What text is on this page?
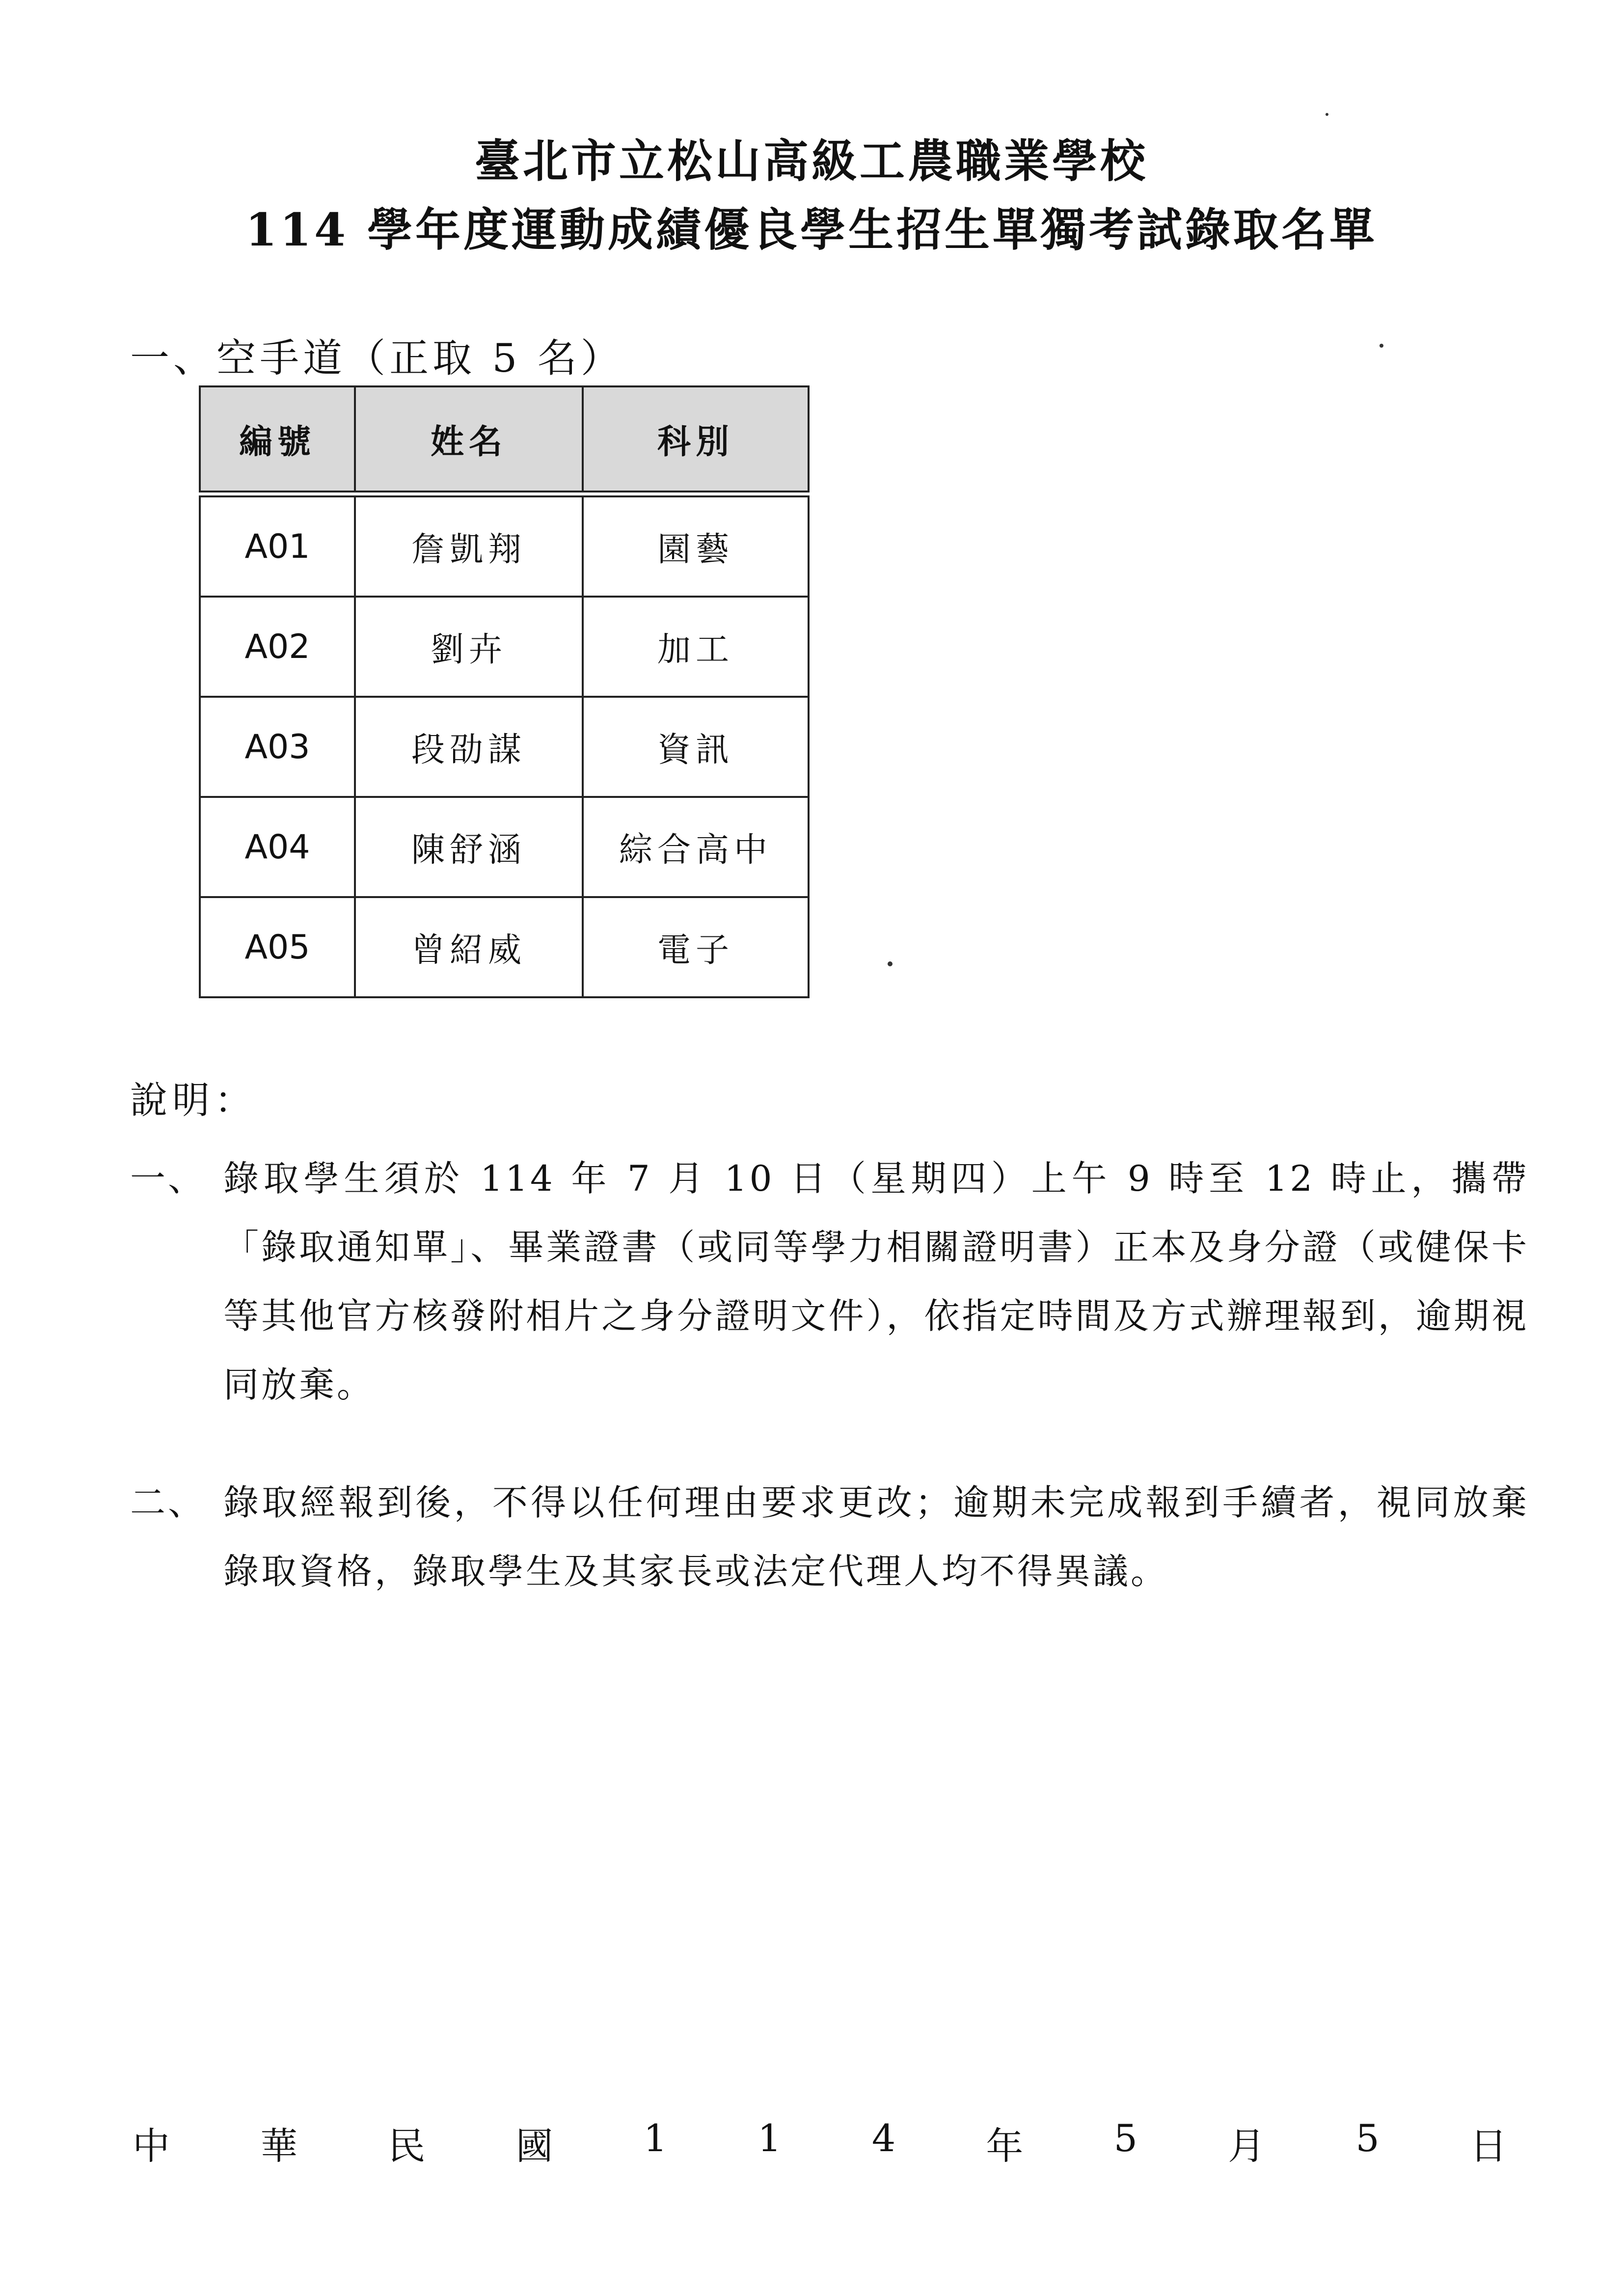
臺北市立松山高級工農職業學校
114 學年度運動成績優良學生招生單獨考試錄取名單
一、空手道（正取 5 名）
編號	姓名	科別

A01	詹凱翔	園藝
A02	劉卉	加工
A03	段劭謀	資訊
A04	陳舒涵	綜合高中
A05	曾紹威	電子
說明：
一、 錄取學生須於 114 年 7 月 10 日（星期四）上午 9 時至 12 時止，攜帶「錄取通知單」、畢業證書（或同等學力相關證明書）正本及身分證（或健保卡等其他官方核發附相片之身分證明文件），依指定時間及方式辦理報到，逾期視同放棄。
二、 錄取經報到後，不得以任何理由要求更改；逾期未完成報到手續者，視同放棄錄取資格，錄取學生及其家長或法定代理人均不得異議。
中 華 民 國 1 1 4 年 5 月 5 日
